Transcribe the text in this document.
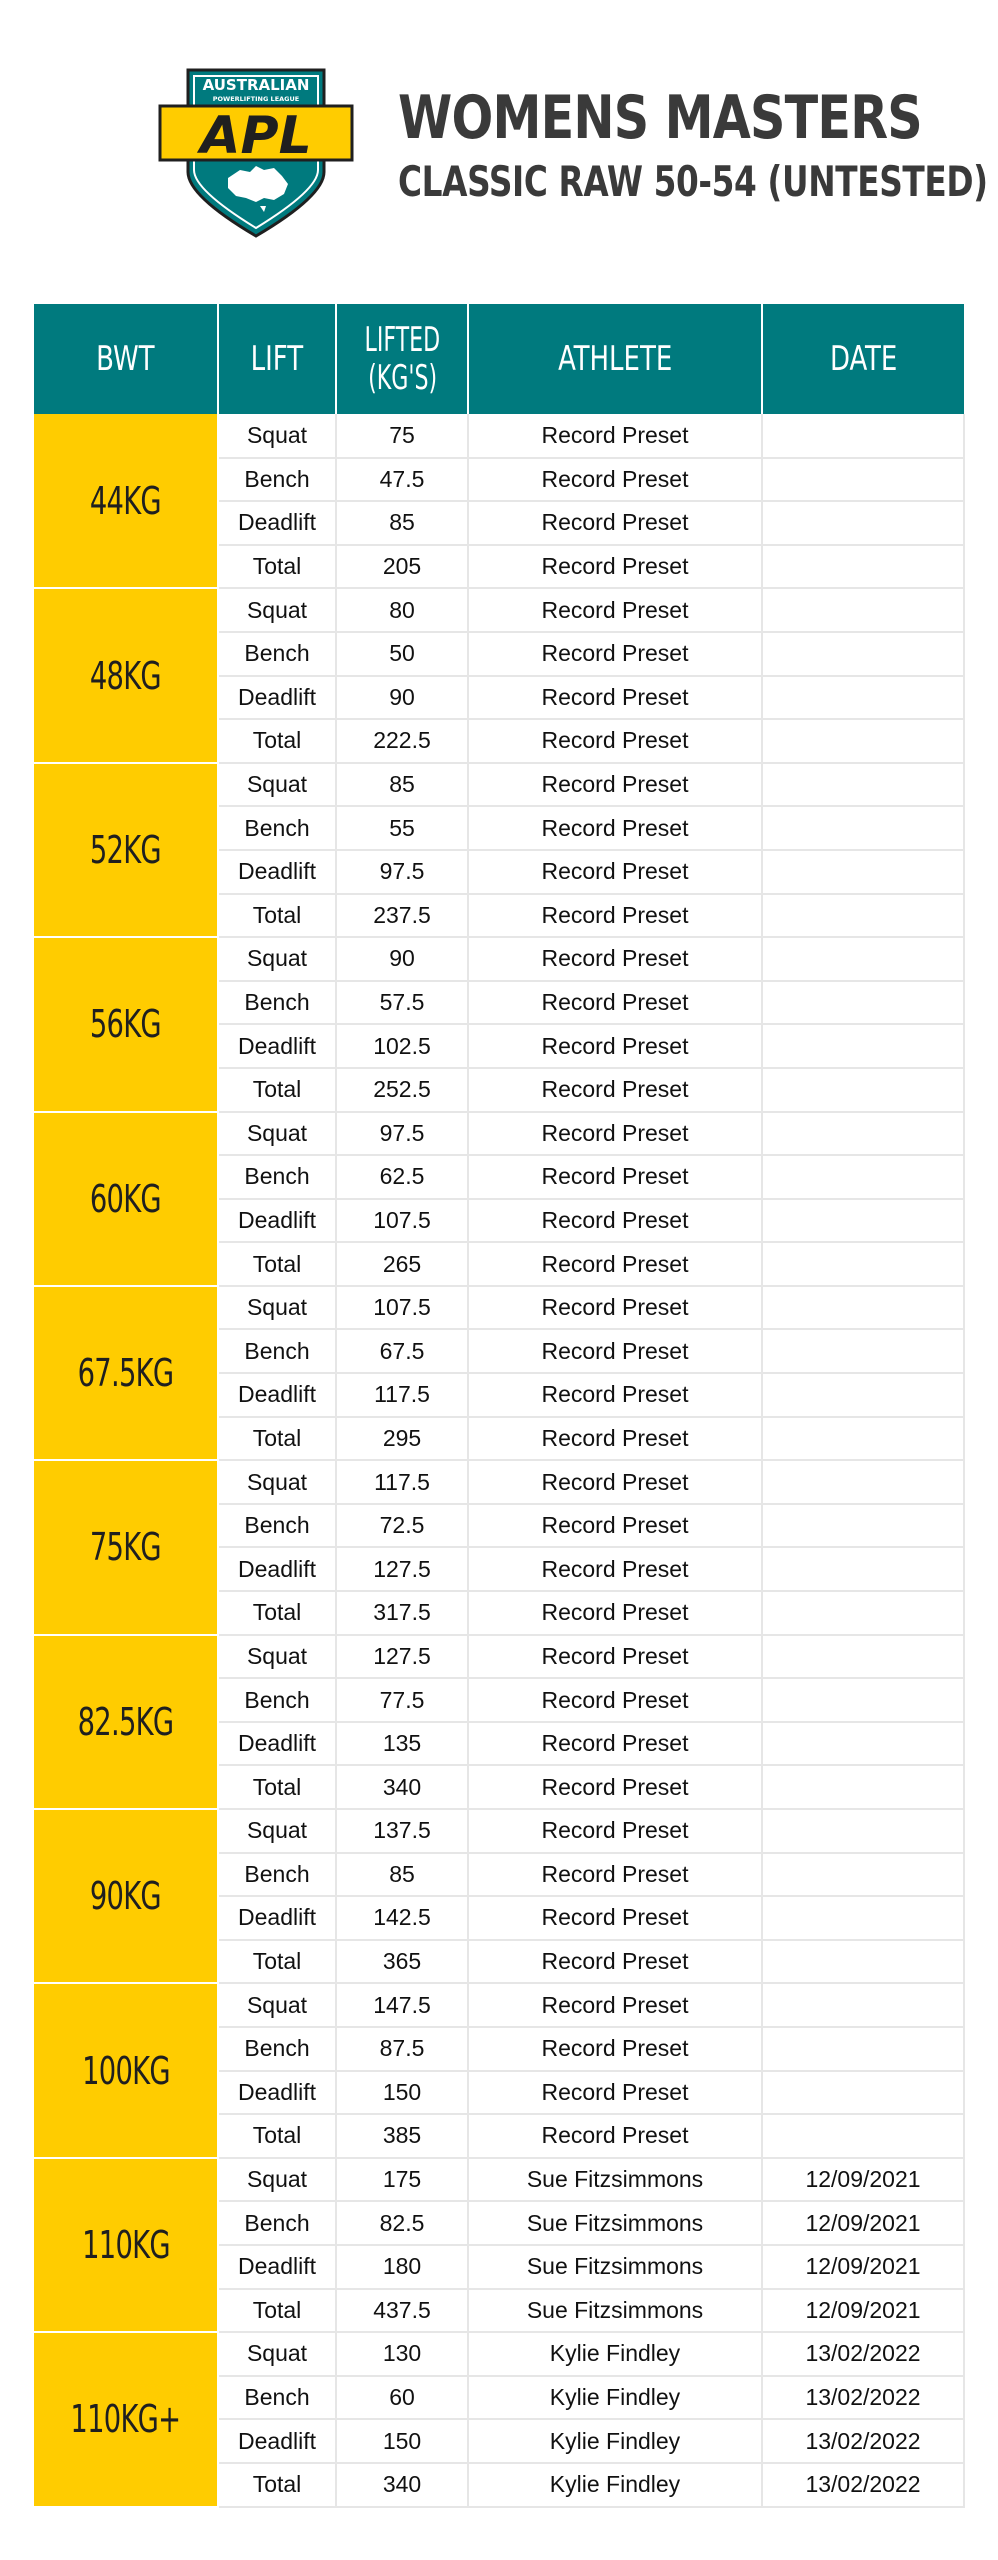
AUSTRALIAN
POWERLIFTING LEAGUE
APL WOMENS MASTERS
CLASSIC RAW 50-54 (UNTESTED)
BWT	LIFT	LIFTED
(KG'S)	ATHLETE	DATE
44KG	Squat	75	Record Preset	
	Bench	47.5	Record Preset	
	Deadlift	85	Record Preset	
	Total	205	Record Preset	
48KG	Squat	80	Record Preset	
	Bench	50	Record Preset	
	Deadlift	90	Record Preset	
	Total	222.5	Record Preset	
52KG	Squat	85	Record Preset	
	Bench	55	Record Preset	
	Deadlift	97.5	Record Preset	
	Total	237.5	Record Preset	
56KG	Squat	90	Record Preset	
	Bench	57.5	Record Preset	
	Deadlift	102.5	Record Preset	
	Total	252.5	Record Preset	
60KG	Squat	97.5	Record Preset	
	Bench	62.5	Record Preset	
	Deadlift	107.5	Record Preset	
	Total	265	Record Preset	
67.5KG	Squat	107.5	Record Preset	
	Bench	67.5	Record Preset	
	Deadlift	117.5	Record Preset	
	Total	295	Record Preset	
75KG	Squat	117.5	Record Preset	
	Bench	72.5	Record Preset	
	Deadlift	127.5	Record Preset	
	Total	317.5	Record Preset	
82.5KG	Squat	127.5	Record Preset	
	Bench	77.5	Record Preset	
	Deadlift	135	Record Preset	
	Total	340	Record Preset	
90KG	Squat	137.5	Record Preset	
	Bench	85	Record Preset	
	Deadlift	142.5	Record Preset	
	Total	365	Record Preset	
100KG	Squat	147.5	Record Preset	
	Bench	87.5	Record Preset	
	Deadlift	150	Record Preset	
	Total	385	Record Preset	
110KG	Squat	175	Sue Fitzsimmons	12/09/2021
	Bench	82.5	Sue Fitzsimmons	12/09/2021
	Deadlift	180	Sue Fitzsimmons	12/09/2021
	Total	437.5	Sue Fitzsimmons	12/09/2021
110KG+	Squat	130	Kylie Findley	13/02/2022
	Bench	60	Kylie Findley	13/02/2022
	Deadlift	150	Kylie Findley	13/02/2022
	Total	340	Kylie Findley	13/02/2022
